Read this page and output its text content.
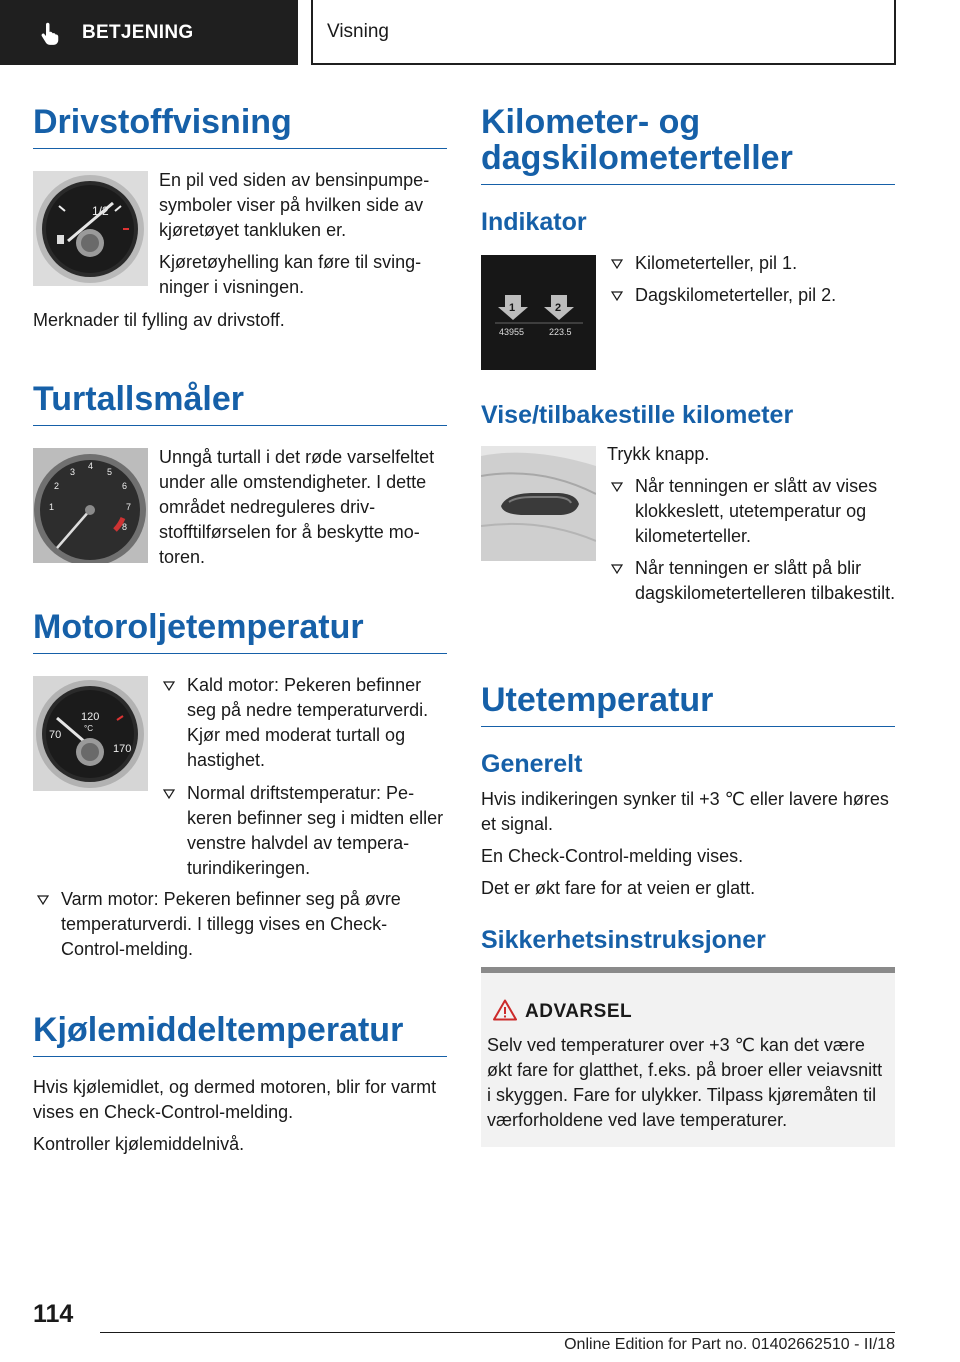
BETJENING	Visning
Drivstoffvisning
1/2
En pil ved siden av bensinpumpesymboler viser på hvilken side av kjøretøyet tankluken er.
Kjøretøyhelling kan føre til svingninger i visningen.
Merknader til fylling av drivstoff.
Turtallsmåler
1
2
3
4
5
6
7
8
Unngå turtall i det røde varselfeltet under alle omstendigheter. I dette området nedreguleres drivstofftilførselen for å beskytte motoren.
Motoroljetemperatur
120
°C
70
170
Kald motor: Pekeren befinner seg på nedre temperaturverdi. Kjør med moderat turtall og hastighet.
Normal driftstemperatur: Pekeren befinner seg i midten eller venstre halvdel av temperaturindikeringen.
Varm motor: Pekeren befinner seg på øvre temperaturverdi. I tillegg vises en Check-Control-melding.
Kjølemiddeltemperatur
Hvis kjølemidlet, og dermed motoren, blir for varmt vises en Check-Control-melding.
Kontroller kjølemiddelnivå.
Kilometer- og dagskilometerteller
Indikator
1	2
43955	223.5
Kilometerteller, pil 1.
Dagskilometerteller, pil 2.
Vise/tilbakestille kilometer
Trykk knapp.
Når tenningen er slått av vises klokkeslett, utetemperatur og kilometerteller.
Når tenningen er slått på blir dagskilometertelleren tilbakestilt.
Utetemperatur
Generelt
Hvis indikeringen synker til +3 ℃ eller lavere høres et signal.
En Check-Control-melding vises.
Det er økt fare for at veien er glatt.
Sikkerhetsinstruksjoner
ADVARSEL
Selv ved temperaturer over +3 ℃ kan det være økt fare for glatthet, f.eks. på broer eller veiavsnitt i skyggen. Fare for ulykker. Tilpass kjøremåten til værforholdene ved lave temperaturer.
114
Online Edition for Part no. 01402662510 - II/18
